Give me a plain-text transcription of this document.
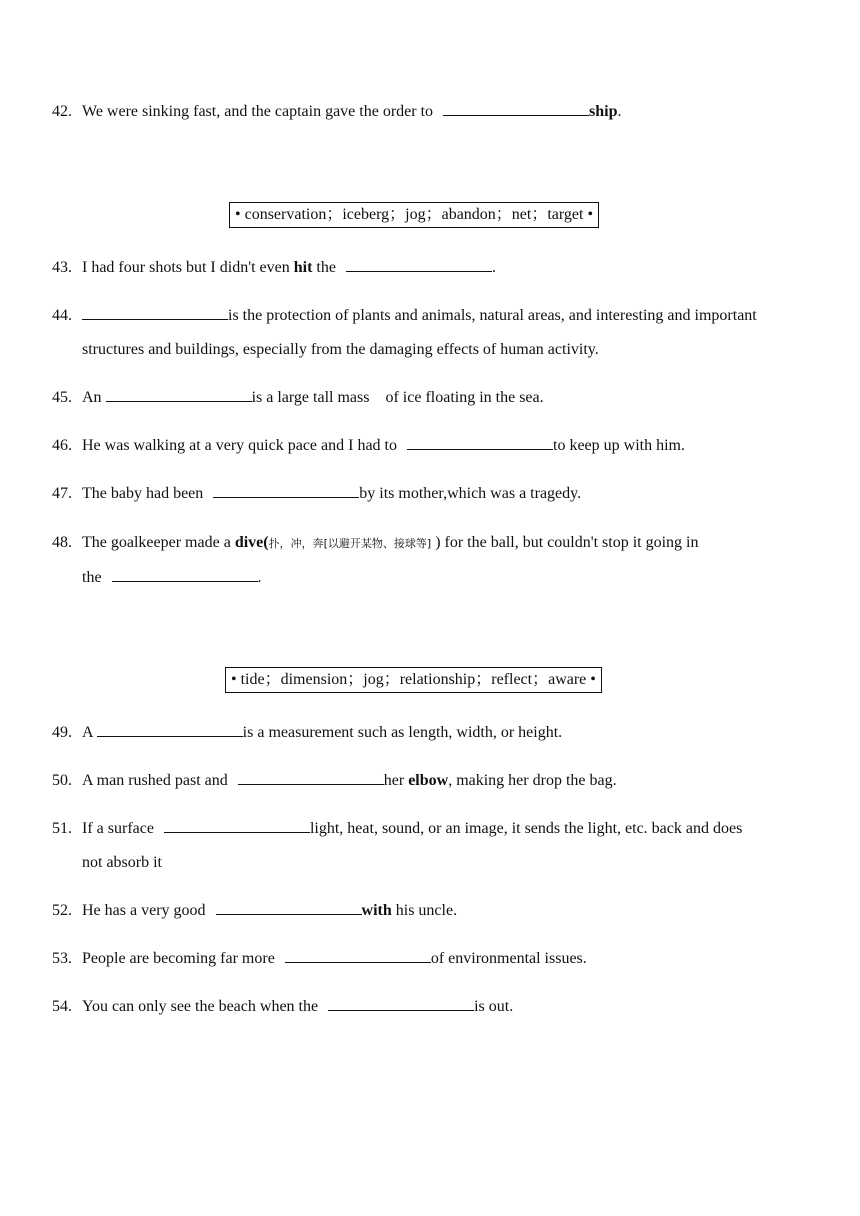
42. We were sinking fast, and the captain gave the order to	ship.
• conservation；iceberg；jog；abandon；net；target •
43. I had four shots but I didn't even hit the	.
44.	is the protection of plants and animals, natural areas, and interesting and important
structures and buildings, especially from the damaging effects of human activity.
45. An	is a large tall mass　of ice floating in the sea.
46. He was walking at a very quick pace and I had to	to keep up with him.
47. The baby had been	by its mother,which was a tragedy.
48. The goalkeeper made a dive(扑，冲，奔[以避开某物、接球等] ) for the ball, but couldn't stop it going in
the	.
• tide；dimension；jog；relationship；reflect；aware •
49. A	is a measurement such as length, width, or height.
50. A man rushed past and	her elbow, making her drop the bag.
51. If a surface	light, heat, sound, or an image, it sends the light, etc. back and does
not absorb it
52. He has a very good	with his uncle.
53. People are becoming far more	of environmental issues.
54. You can only see the beach when the	is out.
